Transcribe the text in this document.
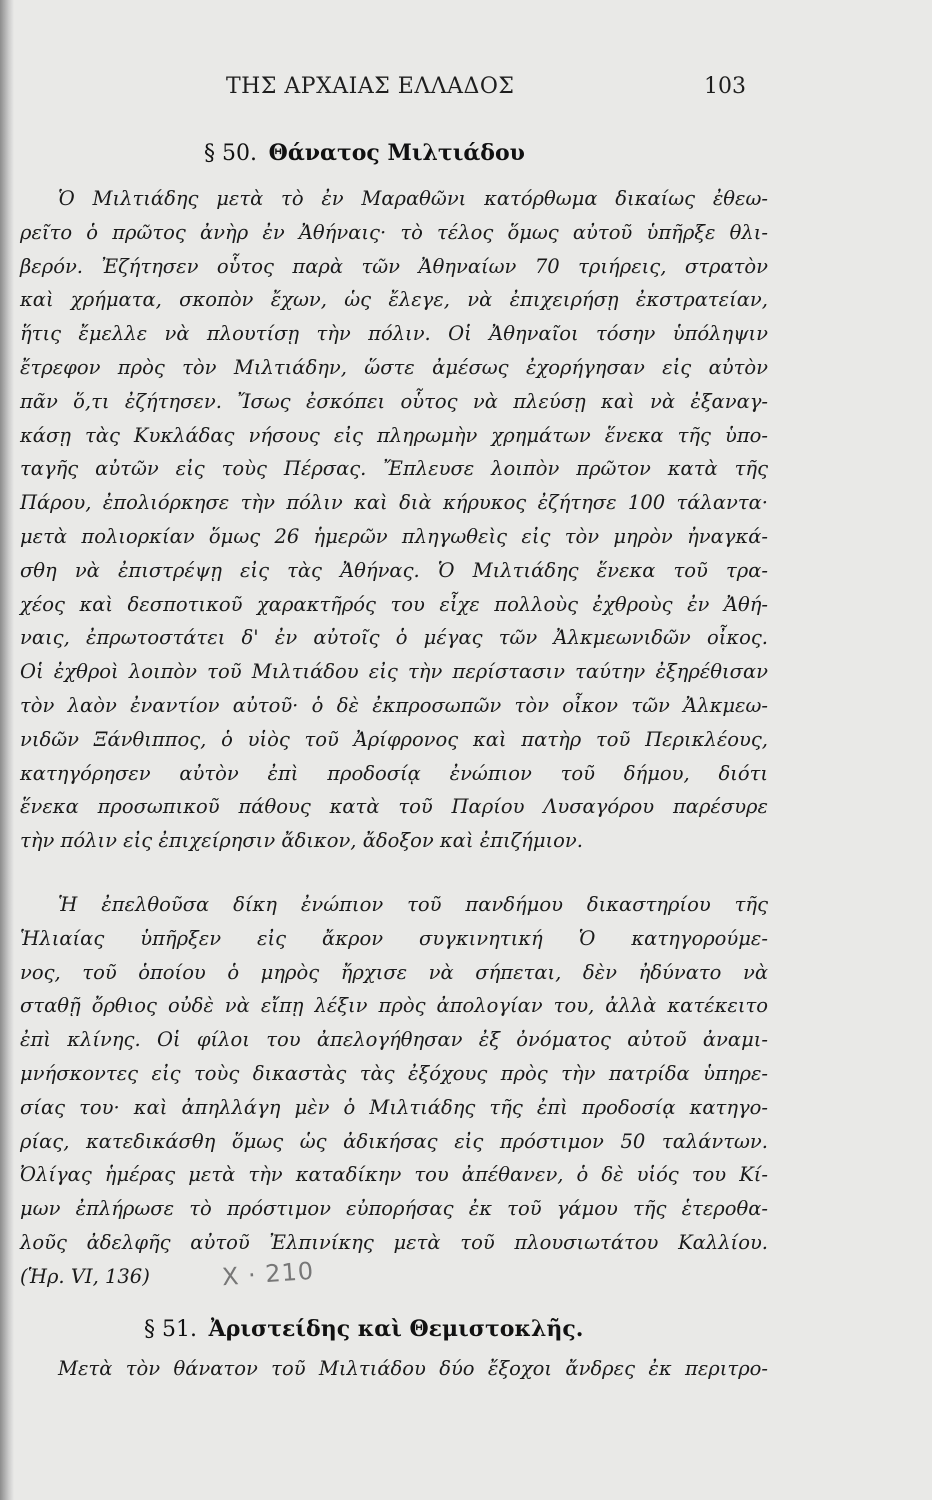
ΤΗΣ ΑΡΧΑΙΑΣ ΕΛΛΑΔΟΣ	103
§ 50. Θάνατος Μιλτιάδου
Ὁ Μιλτιάδης μετὰ τὸ ἐν Μαραθῶνι κατόρθωμα δικαίως ἐθεω-
ρεῖτο ὁ πρῶτος ἀνὴρ ἐν Ἀθήναις· τὸ τέλος ὅμως αὐτοῦ ὑπῆρξε θλι-
βερόν. Ἐζήτησεν οὗτος παρὰ τῶν Ἀθηναίων 70 τριήρεις, στρατὸν
καὶ χρήματα, σκοπὸν ἔχων, ὡς ἔλεγε, νὰ ἐπιχειρήσῃ ἐκστρατείαν,
ἥτις ἔμελλε νὰ πλουτίσῃ τὴν πόλιν. Οἱ Ἀθηναῖοι τόσην ὑπόληψιν
ἔτρεφον πρὸς τὸν Μιλτιάδην, ὥστε ἀμέσως ἐχορήγησαν εἰς αὐτὸν
πᾶν ὅ,τι ἐζήτησεν. Ἴσως ἐσκόπει οὗτος νὰ πλεύσῃ καὶ νὰ ἐξαναγ-
κάσῃ τὰς Κυκλάδας νήσους εἰς πληρωμὴν χρημάτων ἕνεκα τῆς ὑπο-
ταγῆς αὐτῶν εἰς τοὺς Πέρσας. Ἔπλευσε λοιπὸν πρῶτον κατὰ τῆς
Πάρου, ἐπολιόρκησε τὴν πόλιν καὶ διὰ κήρυκος ἐζήτησε 100 τάλαντα·
μετὰ πολιορκίαν ὅμως 26 ἡμερῶν πληγωθεὶς εἰς τὸν μηρὸν ἠναγκά-
σθη νὰ ἐπιστρέψῃ εἰς τὰς Ἀθήνας. Ὁ Μιλτιάδης ἕνεκα τοῦ τρα-
χέος καὶ δεσποτικοῦ χαρακτῆρός του εἶχε πολλοὺς ἐχθροὺς ἐν Ἀθή-
ναις, ἐπρωτοστάτει δ' ἐν αὐτοῖς ὁ μέγας τῶν Ἀλκμεωνιδῶν οἶκος.
Οἱ ἐχθροὶ λοιπὸν τοῦ Μιλτιάδου εἰς τὴν περίστασιν ταύτην ἐξηρέθισαν
τὸν λαὸν ἐναντίον αὐτοῦ· ὁ δὲ ἐκπροσωπῶν τὸν οἶκον τῶν Ἀλκμεω-
νιδῶν Ξάνθιππος, ὁ υἱὸς τοῦ Ἀρίφρονος καὶ πατὴρ τοῦ Περικλέους,
κατηγόρησεν αὐτὸν ἐπὶ προδοσίᾳ ἐνώπιον τοῦ δήμου, διότι
ἕνεκα προσωπικοῦ πάθους κατὰ τοῦ Παρίου Λυσαγόρου παρέσυρε
τὴν πόλιν εἰς ἐπιχείρησιν ἄδικον, ἄδοξον καὶ ἐπιζήμιον.
Ἡ ἐπελθοῦσα δίκη ἐνώπιον τοῦ πανδήμου δικαστηρίου τῆς
Ἡλιαίας ὑπῆρξεν εἰς ἄκρον συγκινητική Ὁ κατηγορούμε-
νος, τοῦ ὁποίου ὁ μηρὸς ἤρχισε νὰ σήπεται, δὲν ἠδύνατο νὰ
σταθῇ ὄρθιος οὐδὲ νὰ εἴπῃ λέξιν πρὸς ἀπολογίαν του, ἀλλὰ κατέκειτο
ἐπὶ κλίνης. Οἱ φίλοι του ἀπελογήθησαν ἐξ ὀνόματος αὐτοῦ ἀναμι-
μνήσκοντες εἰς τοὺς δικαστὰς τὰς ἐξόχους πρὸς τὴν πατρίδα ὑπηρε-
σίας του· καὶ ἀπηλλάγη μὲν ὁ Μιλτιάδης τῆς ἐπὶ προδοσίᾳ κατηγο-
ρίας, κατεδικάσθη ὅμως ὡς ἀδικήσας εἰς πρόστιμον 50 ταλάντων.
Ὀλίγας ἡμέρας μετὰ τὴν καταδίκην του ἀπέθανεν, ὁ δὲ υἱός του Κί-
μων ἐπλήρωσε τὸ πρόστιμον εὐπορήσας ἐκ τοῦ γάμου τῆς ἑτεροθα-
λοῦς ἀδελφῆς αὐτοῦ Ἐλπινίκης μετὰ τοῦ πλουσιωτάτου Καλλίου.
(Ἡρ. VI, 136)	X · 210
§ 51. Ἀριστείδης καὶ Θεμιστοκλῆς.
Μετὰ τὸν θάνατον τοῦ Μιλτιάδου δύο ἔξοχοι ἄνδρες ἐκ περιτρο-
